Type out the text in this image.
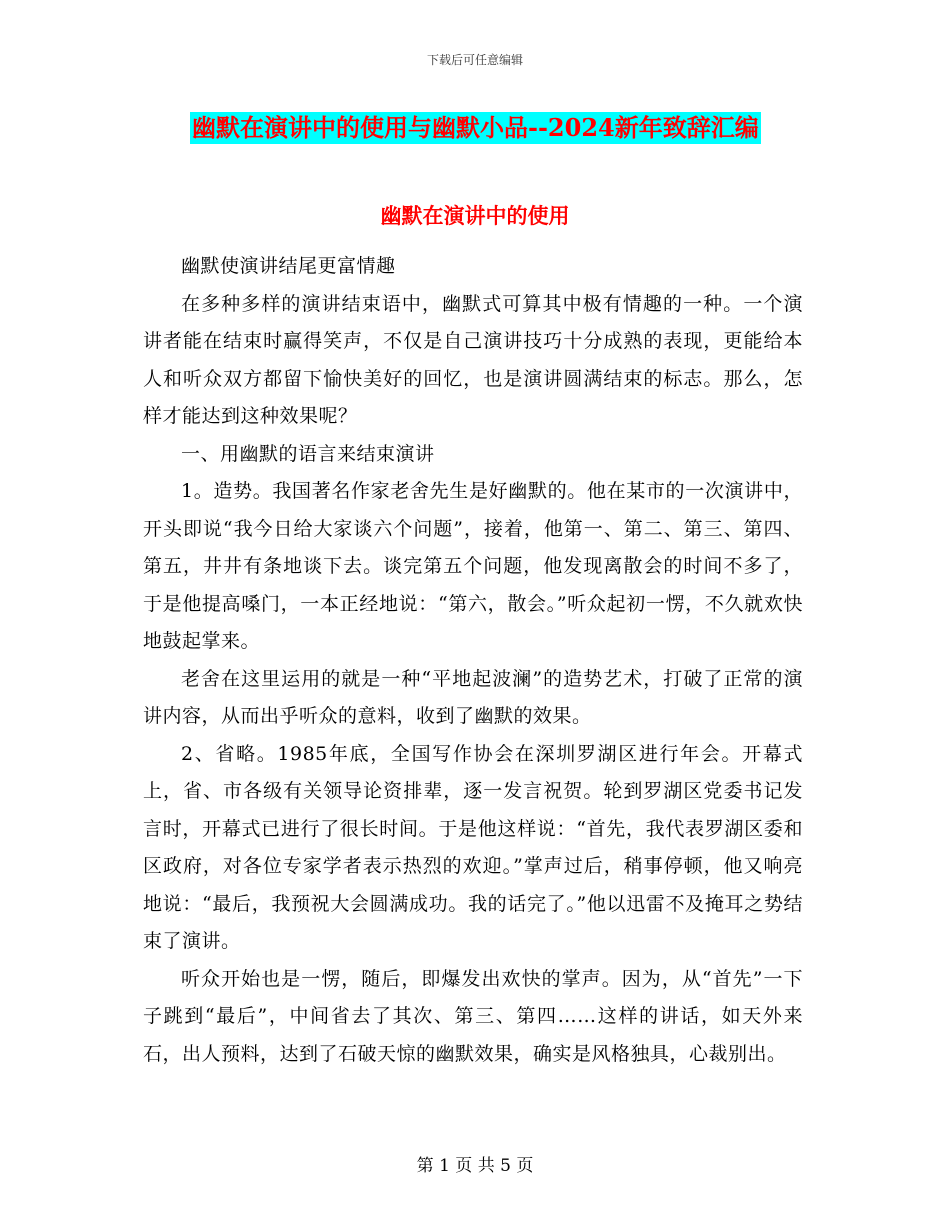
下载后可任意编辑
幽默在演讲中的使用与幽默小品--2024新年致辞汇编
幽默在演讲中的使用

幽默使演讲结尾更富情趣

在多种多样的演讲结束语中，幽默式可算其中极有情趣的一种。一个演讲者能在结束时赢得笑声，不仅是自己演讲技巧十分成熟的表现，更能给本人和听众双方都留下愉快美好的回忆，也是演讲圆满结束的标志。那么，怎样才能达到这种效果呢？

一、用幽默的语言来结束演讲

1。造势。我国著名作家老舍先生是好幽默的。他在某市的一次演讲中，开头即说“我今日给大家谈六个问题”，接着，他第一、第二、第三、第四、第五，井井有条地谈下去。谈完第五个问题，他发现离散会的时间不多了，于是他提高嗓门，一本正经地说：“第六，散会。”听众起初一愣，不久就欢快地鼓起掌来。

老舍在这里运用的就是一种“平地起波澜”的造势艺术，打破了正常的演讲内容，从而出乎听众的意料，收到了幽默的效果。

2、省略。1985年底，全国写作协会在深圳罗湖区进行年会。开幕式上，省、市各级有关领导论资排辈，逐一发言祝贺。轮到罗湖区党委书记发言时，开幕式已进行了很长时间。于是他这样说：“首先，我代表罗湖区委和区政府，对各位专家学者表示热烈的欢迎。”掌声过后，稍事停顿，他又响亮地说：“最后，我预祝大会圆满成功。我的话完了。”他以迅雷不及掩耳之势结束了演讲。

听众开始也是一愣，随后，即爆发出欢快的掌声。因为，从“首先”一下子跳到“最后”，中间省去了其次、第三、第四……这样的讲话，如天外来石，出人预料，达到了石破天惊的幽默效果，确实是风格独具，心裁别出。

第 1 页 共 5 页
